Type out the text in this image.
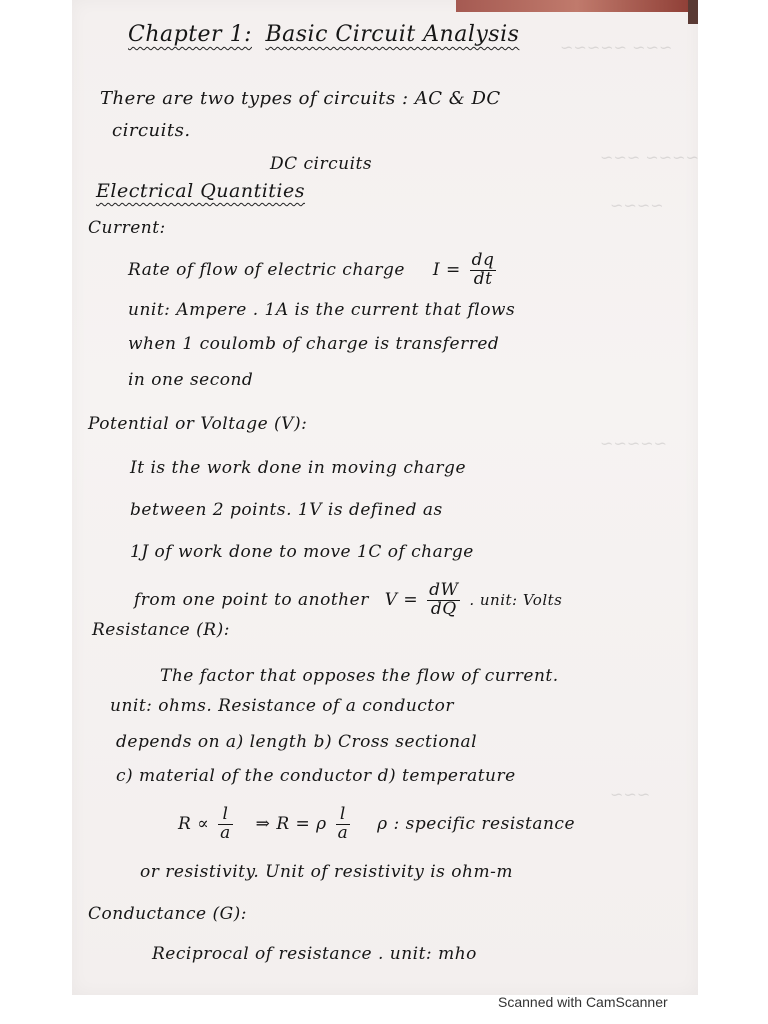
~~~ ~~~~~
~~~~ ~~~
~~~~
~~~~~
~~~
Chapter 1: Basic Circuit Analysis
There are two types of circuits : AC & DC
circuits.
DC circuits
Electrical Quantities
Current:
Rate of flow of electric charge $I = \frac{dq}{dt}$
unit: Ampere . 1A is the current that flows
when 1 coulomb of charge is transferred
in one second
Potential or Voltage (V):
It is the work done in moving charge
between 2 points. 1V is defined as
1J of work done to move 1C of charge
from one point to another $V = \frac{dW}{dQ}$ . unit: Volts
Resistance (R):
The factor that opposes the flow of current.
unit: ohms. Resistance of a conductor
depends on a) length b) Cross sectional
c) material of the conductor d) temperature
$R \propto \frac{l}{a}$ ⇒ R = ρ $\frac{l}{a}$ ρ : specific resistance
or resistivity. Unit of resistivity is ohm-m
Conductance (G):
Reciprocal of resistance . unit: mho
Scanned with CamScanner
